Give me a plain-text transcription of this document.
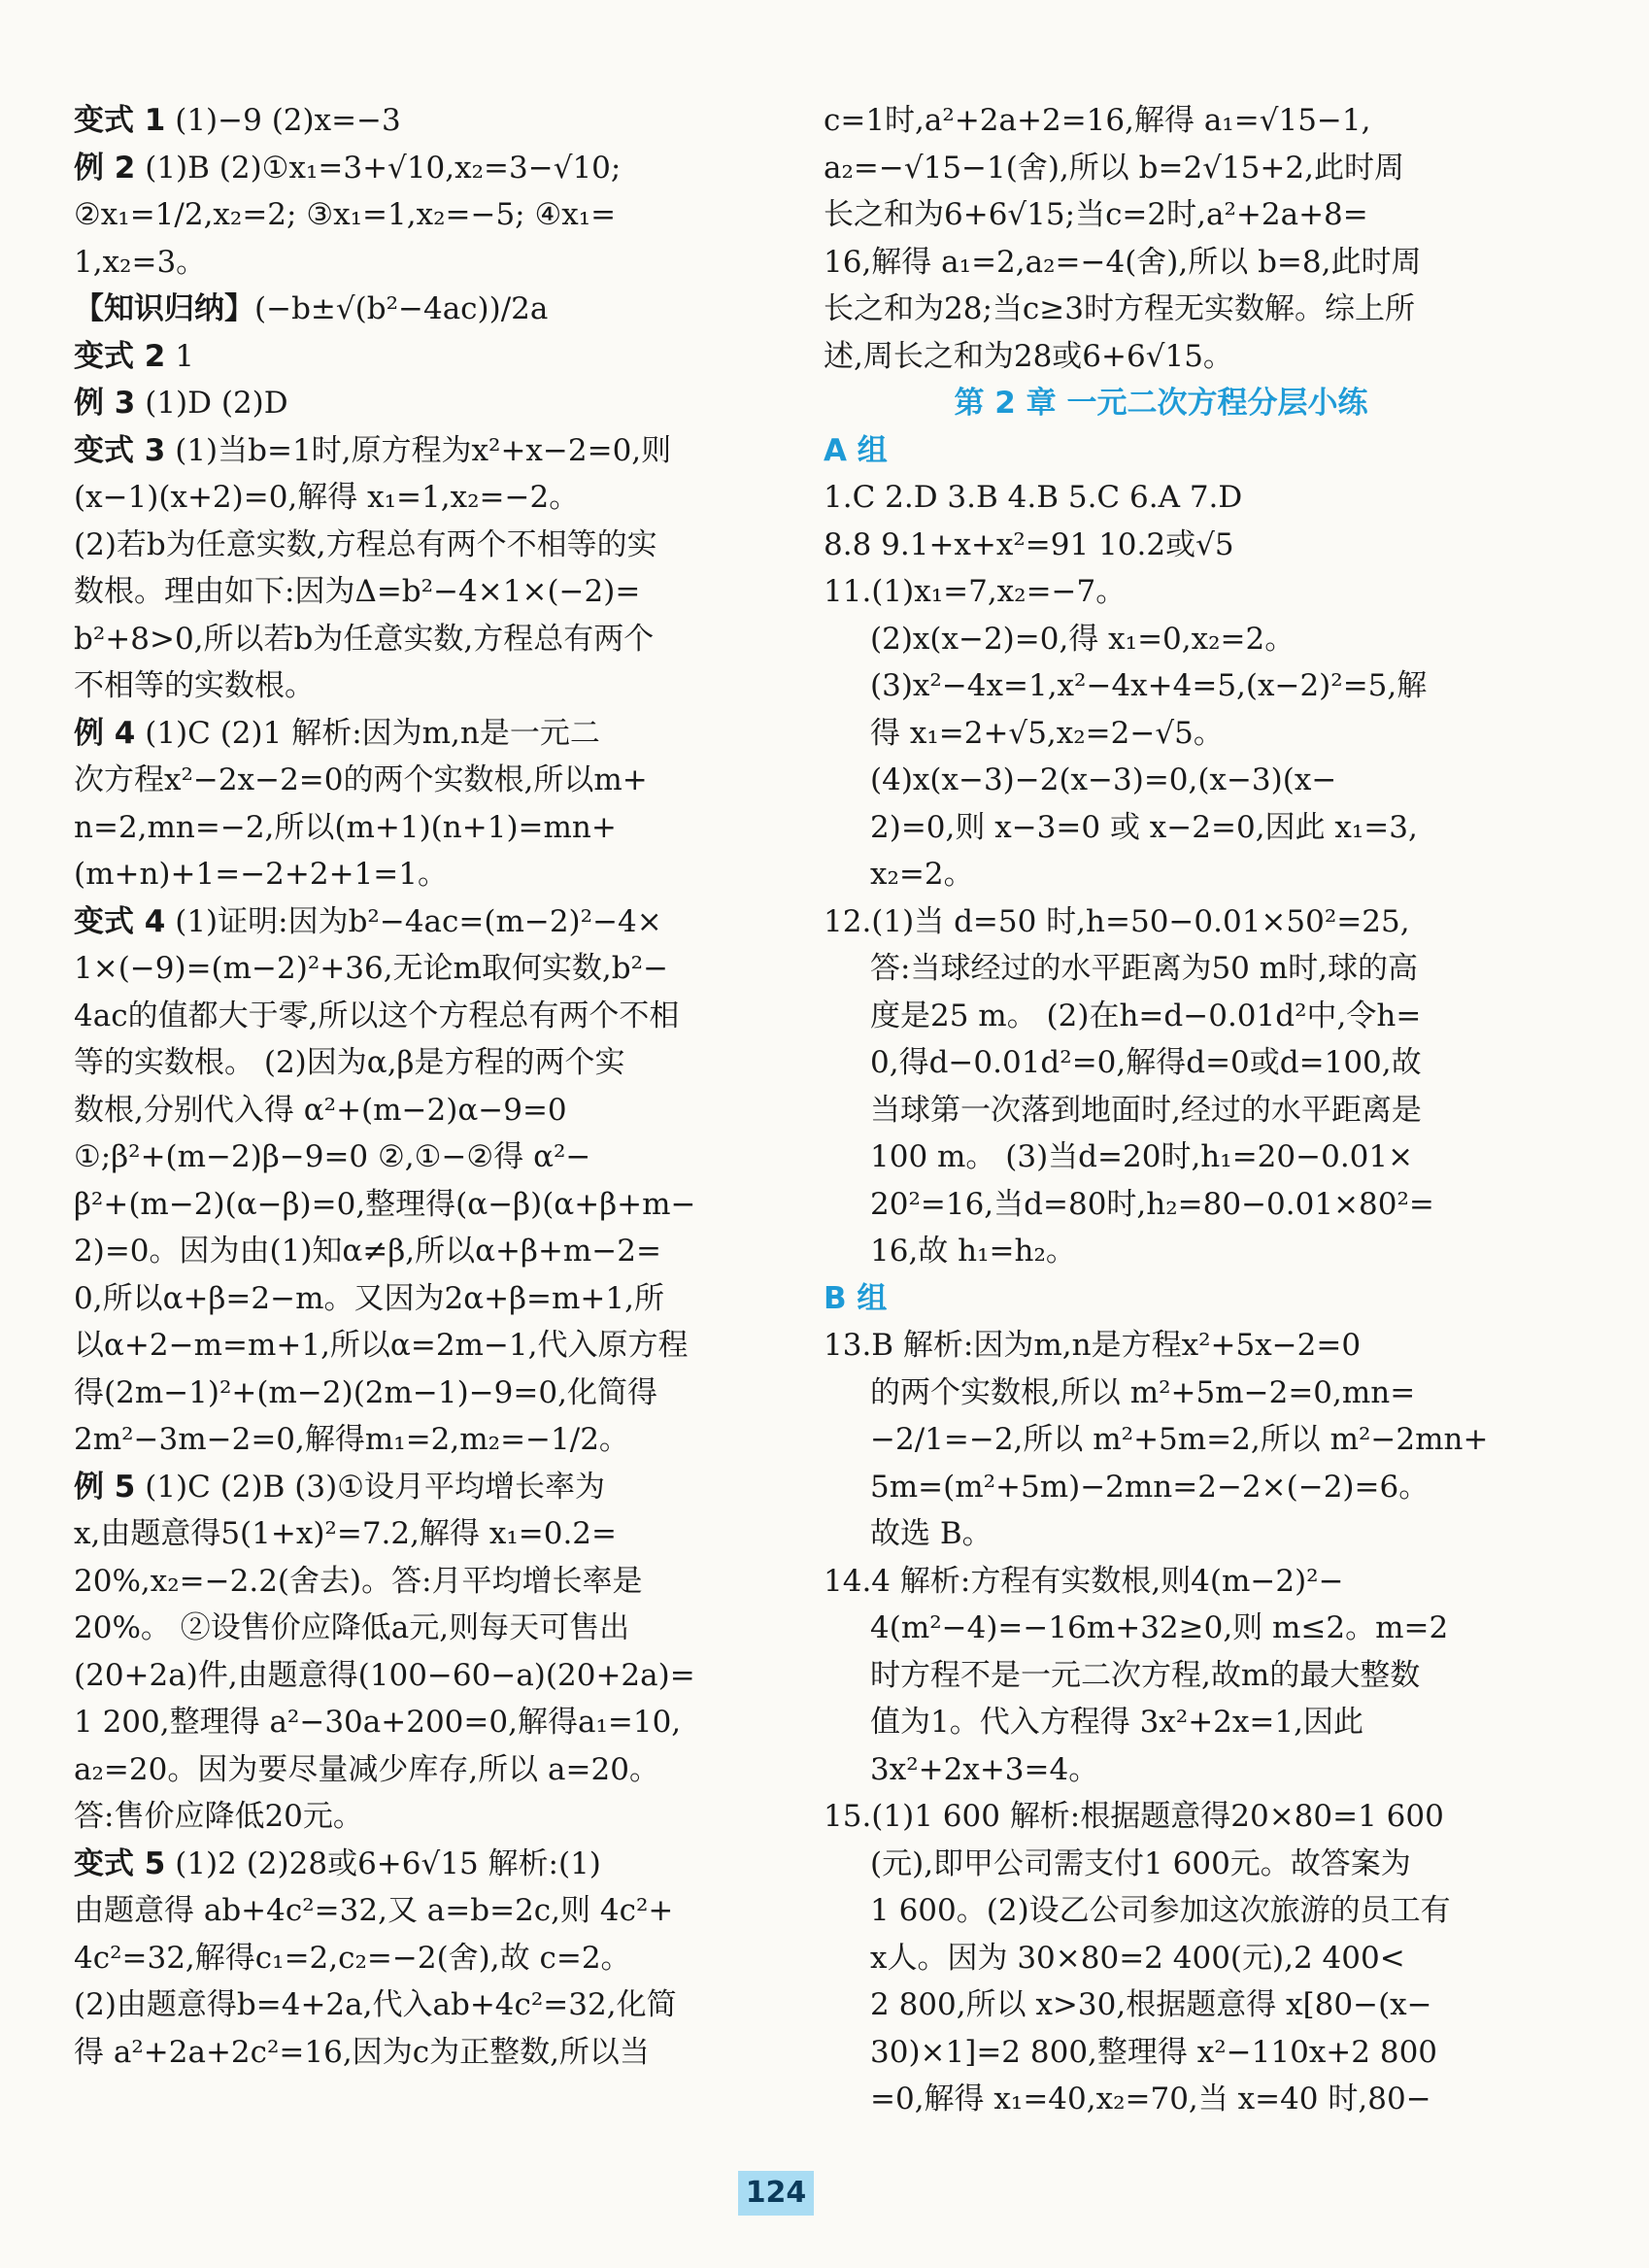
变式 1 (1)−9 (2)x=−3
例 2 (1)B (2)①x₁=3+√10,x₂=3−√10;
②x₁=1/2,x₂=2; ③x₁=1,x₂=−5; ④x₁=
1,x₂=3。
【知识归纳】(−b±√(b²−4ac))/2a
变式 2 1
例 3 (1)D (2)D
变式 3 (1)当b=1时,原方程为x²+x−2=0,则
(x−1)(x+2)=0,解得 x₁=1,x₂=−2。
(2)若b为任意实数,方程总有两个不相等的实
数根。理由如下:因为Δ=b²−4×1×(−2)=
b²+8>0,所以若b为任意实数,方程总有两个
不相等的实数根。
例 4 (1)C (2)1 解析:因为m,n是一元二
次方程x²−2x−2=0的两个实数根,所以m+
n=2,mn=−2,所以(m+1)(n+1)=mn+
(m+n)+1=−2+2+1=1。
变式 4 (1)证明:因为b²−4ac=(m−2)²−4×
1×(−9)=(m−2)²+36,无论m取何实数,b²−
4ac的值都大于零,所以这个方程总有两个不相
等的实数根。 (2)因为α,β是方程的两个实
数根,分别代入得 α²+(m−2)α−9=0
①;β²+(m−2)β−9=0 ②,①−②得 α²−
β²+(m−2)(α−β)=0,整理得(α−β)(α+β+m−
2)=0。因为由(1)知α≠β,所以α+β+m−2=
0,所以α+β=2−m。又因为2α+β=m+1,所
以α+2−m=m+1,所以α=2m−1,代入原方程
得(2m−1)²+(m−2)(2m−1)−9=0,化简得
2m²−3m−2=0,解得m₁=2,m₂=−1/2。
例 5 (1)C (2)B (3)①设月平均增长率为
x,由题意得5(1+x)²=7.2,解得 x₁=0.2=
20%,x₂=−2.2(舍去)。答:月平均增长率是
20%。 ②设售价应降低a元,则每天可售出
(20+2a)件,由题意得(100−60−a)(20+2a)=
1 200,整理得 a²−30a+200=0,解得a₁=10,
a₂=20。因为要尽量减少库存,所以 a=20。
答:售价应降低20元。
变式 5 (1)2 (2)28或6+6√15 解析:(1)
由题意得 ab+4c²=32,又 a=b=2c,则 4c²+
4c²=32,解得c₁=2,c₂=−2(舍),故 c=2。
(2)由题意得b=4+2a,代入ab+4c²=32,化简
得 a²+2a+2c²=16,因为c为正整数,所以当
c=1时,a²+2a+2=16,解得 a₁=√15−1,
a₂=−√15−1(舍),所以 b=2√15+2,此时周
长之和为6+6√15;当c=2时,a²+2a+8=
16,解得 a₁=2,a₂=−4(舍),所以 b=8,此时周
长之和为28;当c≥3时方程无实数解。综上所
述,周长之和为28或6+6√15。
第 2 章 一元二次方程分层小练
A 组
1.C 2.D 3.B 4.B 5.C 6.A 7.D
8.8 9.1+x+x²=91 10.2或√5
11.(1)x₁=7,x₂=−7。
(2)x(x−2)=0,得 x₁=0,x₂=2。
(3)x²−4x=1,x²−4x+4=5,(x−2)²=5,解
得 x₁=2+√5,x₂=2−√5。
(4)x(x−3)−2(x−3)=0,(x−3)(x−
2)=0,则 x−3=0 或 x−2=0,因此 x₁=3,
x₂=2。
12.(1)当 d=50 时,h=50−0.01×50²=25,
答:当球经过的水平距离为50 m时,球的高
度是25 m。 (2)在h=d−0.01d²中,令h=
0,得d−0.01d²=0,解得d=0或d=100,故
当球第一次落到地面时,经过的水平距离是
100 m。 (3)当d=20时,h₁=20−0.01×
20²=16,当d=80时,h₂=80−0.01×80²=
16,故 h₁=h₂。
B 组
13.B 解析:因为m,n是方程x²+5x−2=0
的两个实数根,所以 m²+5m−2=0,mn=
−2/1=−2,所以 m²+5m=2,所以 m²−2mn+
5m=(m²+5m)−2mn=2−2×(−2)=6。
故选 B。
14.4 解析:方程有实数根,则4(m−2)²−
4(m²−4)=−16m+32≥0,则 m≤2。m=2
时方程不是一元二次方程,故m的最大整数
值为1。代入方程得 3x²+2x=1,因此
3x²+2x+3=4。
15.(1)1 600 解析:根据题意得20×80=1 600
(元),即甲公司需支付1 600元。故答案为
1 600。(2)设乙公司参加这次旅游的员工有
x人。因为 30×80=2 400(元),2 400<
2 800,所以 x>30,根据题意得 x[80−(x−
30)×1]=2 800,整理得 x²−110x+2 800
=0,解得 x₁=40,x₂=70,当 x=40 时,80−
124
